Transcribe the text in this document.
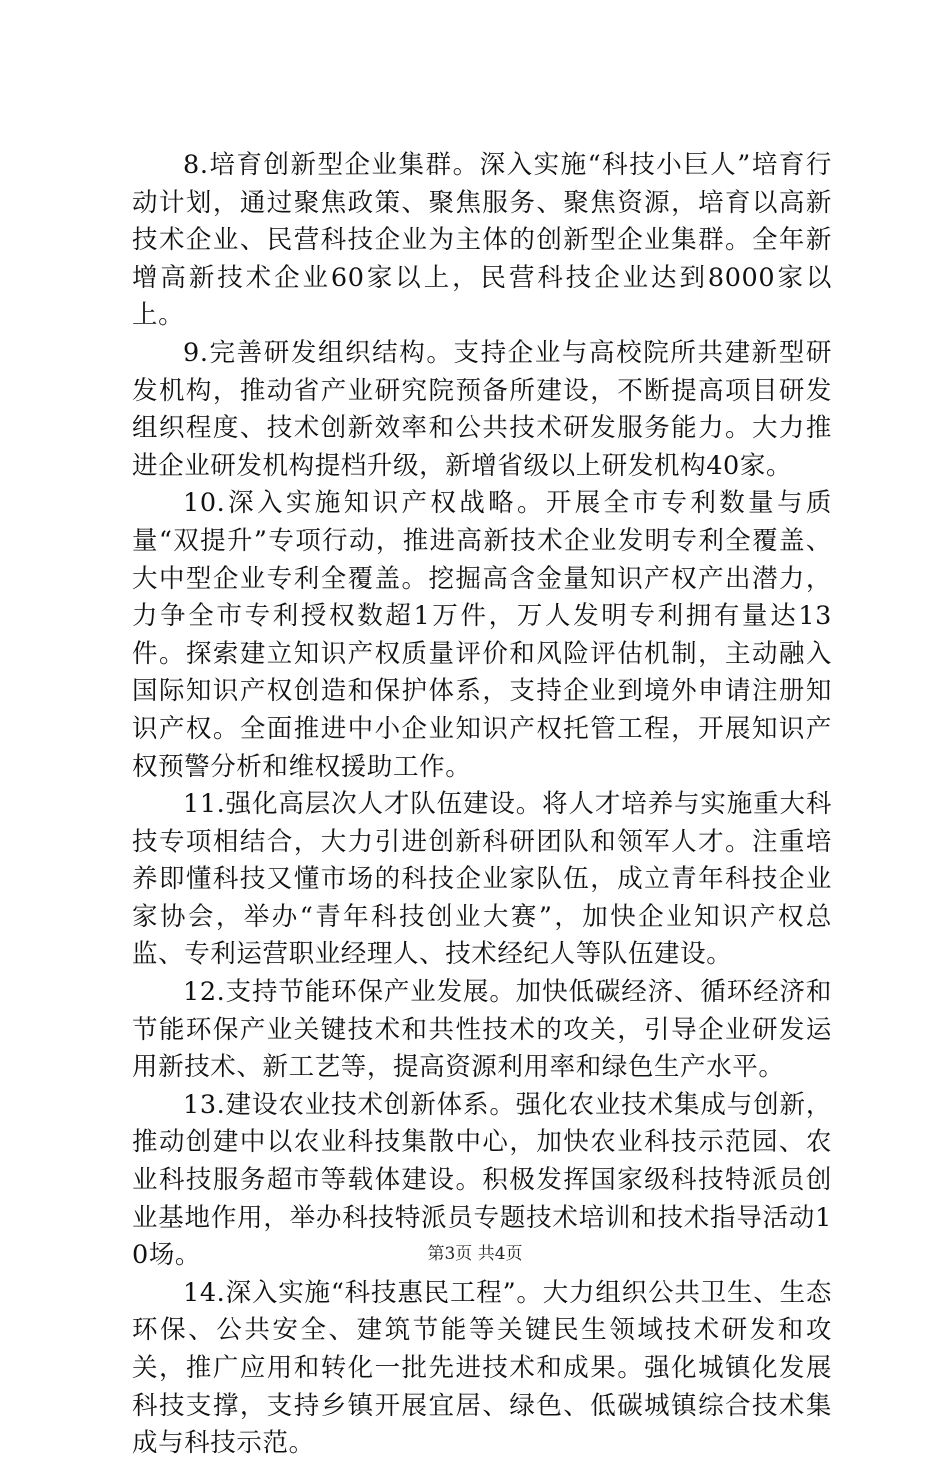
8.培育创新型企业集群。深入实施“科技小巨人”培育行动计划，通过聚焦政策、聚焦服务、聚焦资源，培育以高新技术企业、民营科技企业为主体的创新型企业集群。全年新增高新技术企业60家以上，民营科技企业达到8000家以上。

9.完善研发组织结构。支持企业与高校院所共建新型研发机构，推动省产业研究院预备所建设，不断提高项目研发组织程度、技术创新效率和公共技术研发服务能力。大力推进企业研发机构提档升级，新增省级以上研发机构40家。

10.深入实施知识产权战略。开展全市专利数量与质量“双提升”专项行动，推进高新技术企业发明专利全覆盖、大中型企业专利全覆盖。挖掘高含金量知识产权产出潜力，力争全市专利授权数超1万件，万人发明专利拥有量达13件。探索建立知识产权质量评价和风险评估机制，主动融入国际知识产权创造和保护体系，支持企业到境外申请注册知识产权。全面推进中小企业知识产权托管工程，开展知识产权预警分析和维权援助工作。

11.强化高层次人才队伍建设。将人才培养与实施重大科技专项相结合，大力引进创新科研团队和领军人才。注重培养即懂科技又懂市场的科技企业家队伍，成立青年科技企业家协会，举办“青年科技创业大赛”，加快企业知识产权总监、专利运营职业经理人、技术经纪人等队伍建设。

12.支持节能环保产业发展。加快低碳经济、循环经济和节能环保产业关键技术和共性技术的攻关，引导企业研发运用新技术、新工艺等，提高资源利用率和绿色生产水平。

13.建设农业技术创新体系。强化农业技术集成与创新，推动创建中以农业科技集散中心，加快农业科技示范园、农业科技服务超市等载体建设。积极发挥国家级科技特派员创业基地作用，举办科技特派员专题技术培训和技术指导活动10场。

14.深入实施“科技惠民工程”。大力组织公共卫生、生态环保、公共安全、建筑节能等关键民生领域技术研发和攻关，推广应用和转化一批先进技术和成果。强化城镇化发展科技支撑，支持乡镇开展宜居、绿色、低碳城镇综合技术集成与科技示范。

第3页 共4页
